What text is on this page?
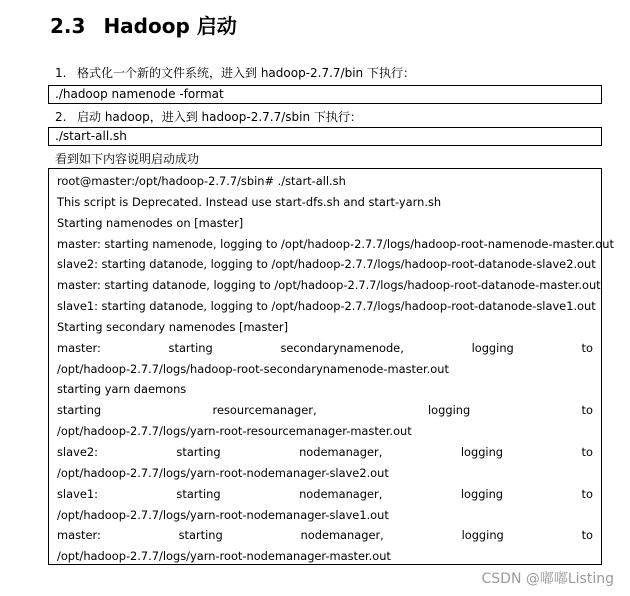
2.3 Hadoop 启动
1. 格式化一个新的文件系统，进入到 hadoop-2.7.7/bin 下执行：
./hadoop namenode -format
2. 启动 hadoop，进入到 hadoop-2.7.7/sbin 下执行：
./start-all.sh
看到如下内容说明启动成功
root@master:/opt/hadoop-2.7.7/sbin# ./start-all.sh
This script is Deprecated. Instead use start-dfs.sh and start-yarn.sh
Starting namenodes on [master]
master: starting namenode, logging to /opt/hadoop-2.7.7/logs/hadoop-root-namenode-master.out
slave2: starting datanode, logging to /opt/hadoop-2.7.7/logs/hadoop-root-datanode-slave2.out
master: starting datanode, logging to /opt/hadoop-2.7.7/logs/hadoop-root-datanode-master.out
slave1: starting datanode, logging to /opt/hadoop-2.7.7/logs/hadoop-root-datanode-slave1.out
Starting secondary namenodes [master]
master:	starting	secondarynamenode,	logging	to
/opt/hadoop-2.7.7/logs/hadoop-root-secondarynamenode-master.out
starting yarn daemons
starting	resourcemanager,	logging	to
/opt/hadoop-2.7.7/logs/yarn-root-resourcemanager-master.out
slave2:	starting	nodemanager,	logging	to
/opt/hadoop-2.7.7/logs/yarn-root-nodemanager-slave2.out
slave1:	starting	nodemanager,	logging	to
/opt/hadoop-2.7.7/logs/yarn-root-nodemanager-slave1.out
master:	starting	nodemanager,	logging	to
/opt/hadoop-2.7.7/logs/yarn-root-nodemanager-master.out
CSDN @嘟嘟Listing
